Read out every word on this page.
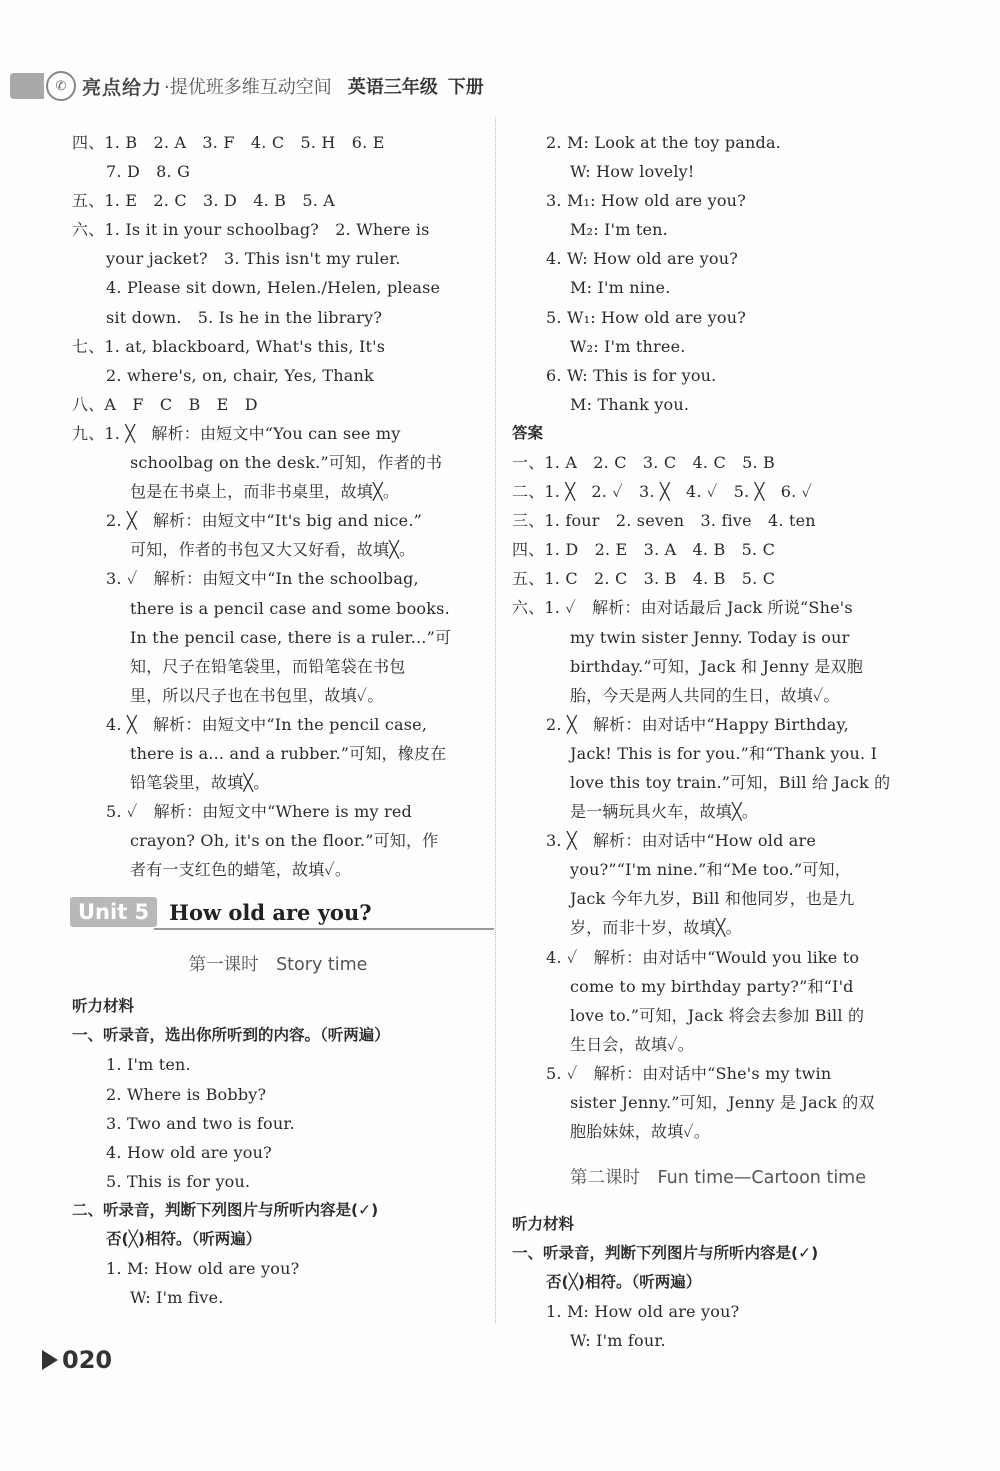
✆ 亮点给力 ·提优班多维互动空间 英语三年级 下册
四、1. B　2. A　3. F　4. C　5. H　6. E
7. D　8. G
五、1. E　2. C　3. D　4. B　5. A
六、1. Is it in your schoolbag?　2. Where is
your jacket?　3. This isn't my ruler.
4. Please sit down, Helen./Helen, please
sit down.　5. Is he in the library?
七、1. at, blackboard, What's this, It's
2. where's, on, chair, Yes, Thank
八、A　F　C　B　E　D
九、1. ╳　解析：由短文中“You can see my
schoolbag on the desk.”可知，作者的书
包是在书桌上，而非书桌里，故填╳。
2. ╳　解析：由短文中“It's big and nice.”
可知，作者的书包又大又好看，故填╳。
3. ✓　解析：由短文中“In the schoolbag,
there is a pencil case and some books.
In the pencil case, there is a ruler...”可
知，尺子在铅笔袋里，而铅笔袋在书包
里，所以尺子也在书包里，故填✓。
4. ╳　解析：由短文中“In the pencil case,
there is a... and a rubber.”可知，橡皮在
铅笔袋里，故填╳。
5. ✓　解析：由短文中“Where is my red
crayon? Oh, it's on the floor.”可知，作
者有一支红色的蜡笔，故填✓。
Unit 5 How old are you?
第一课时　Story time
听力材料
一、听录音，选出你所听到的内容。（听两遍）
1. I'm ten.
2. Where is Bobby?
3. Two and two is four.
4. How old are you?
5. This is for you.
二、听录音，判断下列图片与所听内容是(✓)
否(╳)相符。（听两遍）
1. M: How old are you?
W: I'm five.
2. M: Look at the toy panda.
W: How lovely!
3. M₁: How old are you?
M₂: I'm ten.
4. W: How old are you?
M: I'm nine.
5. W₁: How old are you?
W₂: I'm three.
6. W: This is for you.
M: Thank you.
答案
一、1. A　2. C　3. C　4. C　5. B
二、1. ╳　2. ✓　3. ╳　4. ✓　5. ╳　6. ✓
三、1. four　2. seven　3. five　4. ten
四、1. D　2. E　3. A　4. B　5. C
五、1. C　2. C　3. B　4. B　5. C
六、1. ✓　解析：由对话最后 Jack 所说“She's
my twin sister Jenny. Today is our
birthday.”可知，Jack 和 Jenny 是双胞
胎，今天是两人共同的生日，故填✓。
2. ╳　解析：由对话中“Happy Birthday,
Jack! This is for you.”和“Thank you. I
love this toy train.”可知，Bill 给 Jack 的
是一辆玩具火车，故填╳。
3. ╳　解析：由对话中“How old are
you?”“I'm nine.”和“Me too.”可知，
Jack 今年九岁，Bill 和他同岁，也是九
岁，而非十岁，故填╳。
4. ✓　解析：由对话中“Would you like to
come to my birthday party?”和“I'd
love to.”可知，Jack 将会去参加 Bill 的
生日会，故填✓。
5. ✓　解析：由对话中“She's my twin
sister Jenny.”可知，Jenny 是 Jack 的双
胞胎妹妹，故填✓。
第二课时　Fun time—Cartoon time
听力材料
一、听录音，判断下列图片与所听内容是(✓)
否(╳)相符。（听两遍）
1. M: How old are you?
W: I'm four.
020
